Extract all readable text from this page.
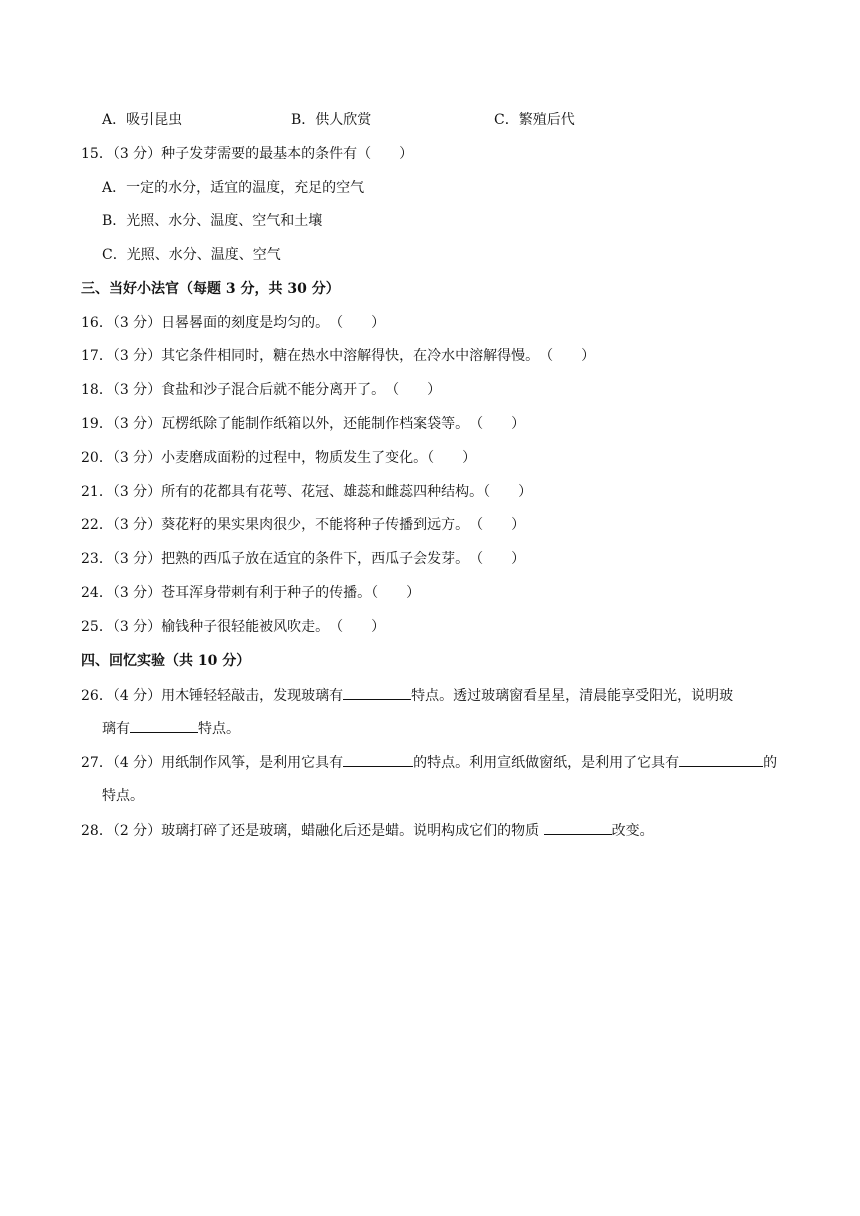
A．吸引昆虫	B．供人欣赏	C．繁殖后代
15．（3 分）种子发芽需要的最基本的条件有（　　）
A．一定的水分，适宜的温度，充足的空气
B．光照、水分、温度、空气和土壤
C．光照、水分、温度、空气
三、当好小法官（每题 3 分，共 30 分）
16．（3 分）日晷晷面的刻度是均匀的。　（　　）
17．（3 分）其它条件相同时，糖在热水中溶解得快，在冷水中溶解得慢。　（　　）
18．（3 分）食盐和沙子混合后就不能分离开了。　（　　）
19．（3 分）瓦楞纸除了能制作纸箱以外，还能制作档案袋等。　（　　）
20．（3 分）小麦磨成面粉的过程中，物质发生了变化。（　　）
21．（3 分）所有的花都具有花萼、花冠、雄蕊和雌蕊四种结构。（　　）
22．（3 分）葵花籽的果实果肉很少，不能将种子传播到远方。　（　　）
23．（3 分）把熟的西瓜子放在适宜的条件下，西瓜子会发芽。　（　　）
24．（3 分）苍耳浑身带刺有利于种子的传播。（　　）
25．（3 分）榆钱种子很轻能被风吹走。　（　　）
四、回忆实验（共 10 分）
26．（4 分）用木锤轻轻敲击，发现玻璃有	特点。透过玻璃窗看星星，清晨能享受阳光，说明玻
璃有	特点。
27．（4 分）用纸制作风筝，是利用它具有	的特点。利用宣纸做窗纸，是利用了它具有	的
特点。
28．（2 分）玻璃打碎了还是玻璃，蜡融化后还是蜡。说明构成它们的物质	改变。
